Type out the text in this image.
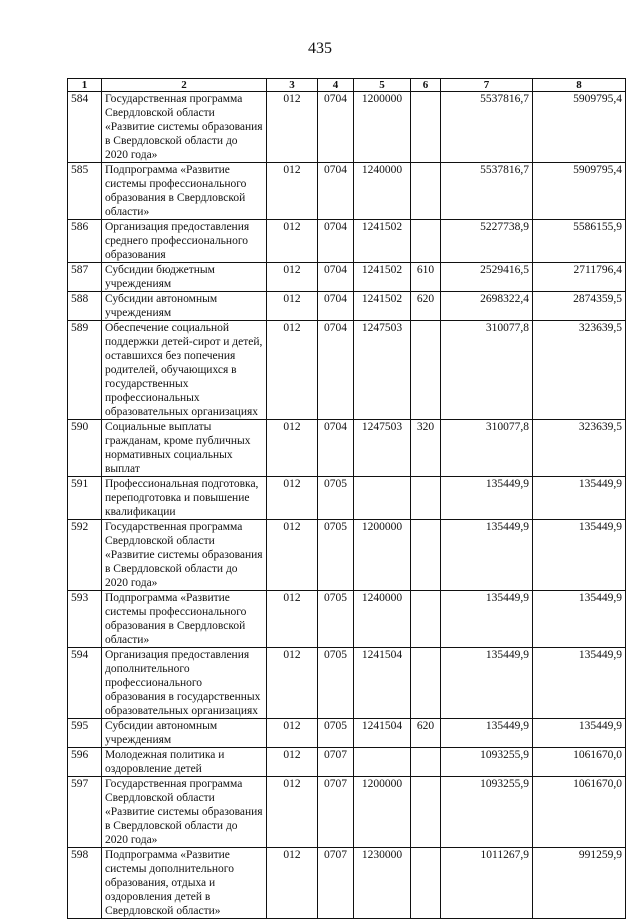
435
1	2	3	4	5	6	7	8
584	Государственная программа Свердловской области «Развитие системы образования в Свердловской области до 2020 года»	012	0704	1200000		5537816,7	5909795,4
585	Подпрограмма «Развитие системы профессионального образования в Свердловской области»	012	0704	1240000		5537816,7	5909795,4
586	Организация предоставления среднего профессионального образования	012	0704	1241502		5227738,9	5586155,9
587	Субсидии бюджетным учреждениям	012	0704	1241502	610	2529416,5	2711796,4
588	Субсидии автономным учреждениям	012	0704	1241502	620	2698322,4	2874359,5
589	Обеспечение социальной поддержки детей-сирот и детей, оставшихся без попечения родителей, обучающихся в государственных профессиональных образовательных организациях	012	0704	1247503		310077,8	323639,5
590	Социальные выплаты гражданам, кроме публичных нормативных социальных выплат	012	0704	1247503	320	310077,8	323639,5
591	Профессиональная подготовка, переподготовка и повышение квалификации	012	0705			135449,9	135449,9
592	Государственная программа Свердловской области «Развитие системы образования в Свердловской области до 2020 года»	012	0705	1200000		135449,9	135449,9
593	Подпрограмма «Развитие системы профессионального образования в Свердловской области»	012	0705	1240000		135449,9	135449,9
594	Организация предоставления дополнительного профессионального образования в государственных образовательных организациях	012	0705	1241504		135449,9	135449,9
595	Субсидии автономным учреждениям	012	0705	1241504	620	135449,9	135449,9
596	Молодежная политика и оздоровление детей	012	0707			1093255,9	1061670,0
597	Государственная программа Свердловской области «Развитие системы образования в Свердловской области до 2020 года»	012	0707	1200000		1093255,9	1061670,0
598	Подпрограмма «Развитие системы дополнительного образования, отдыха и оздоровления детей в Свердловской области»	012	0707	1230000		1011267,9	991259,9
